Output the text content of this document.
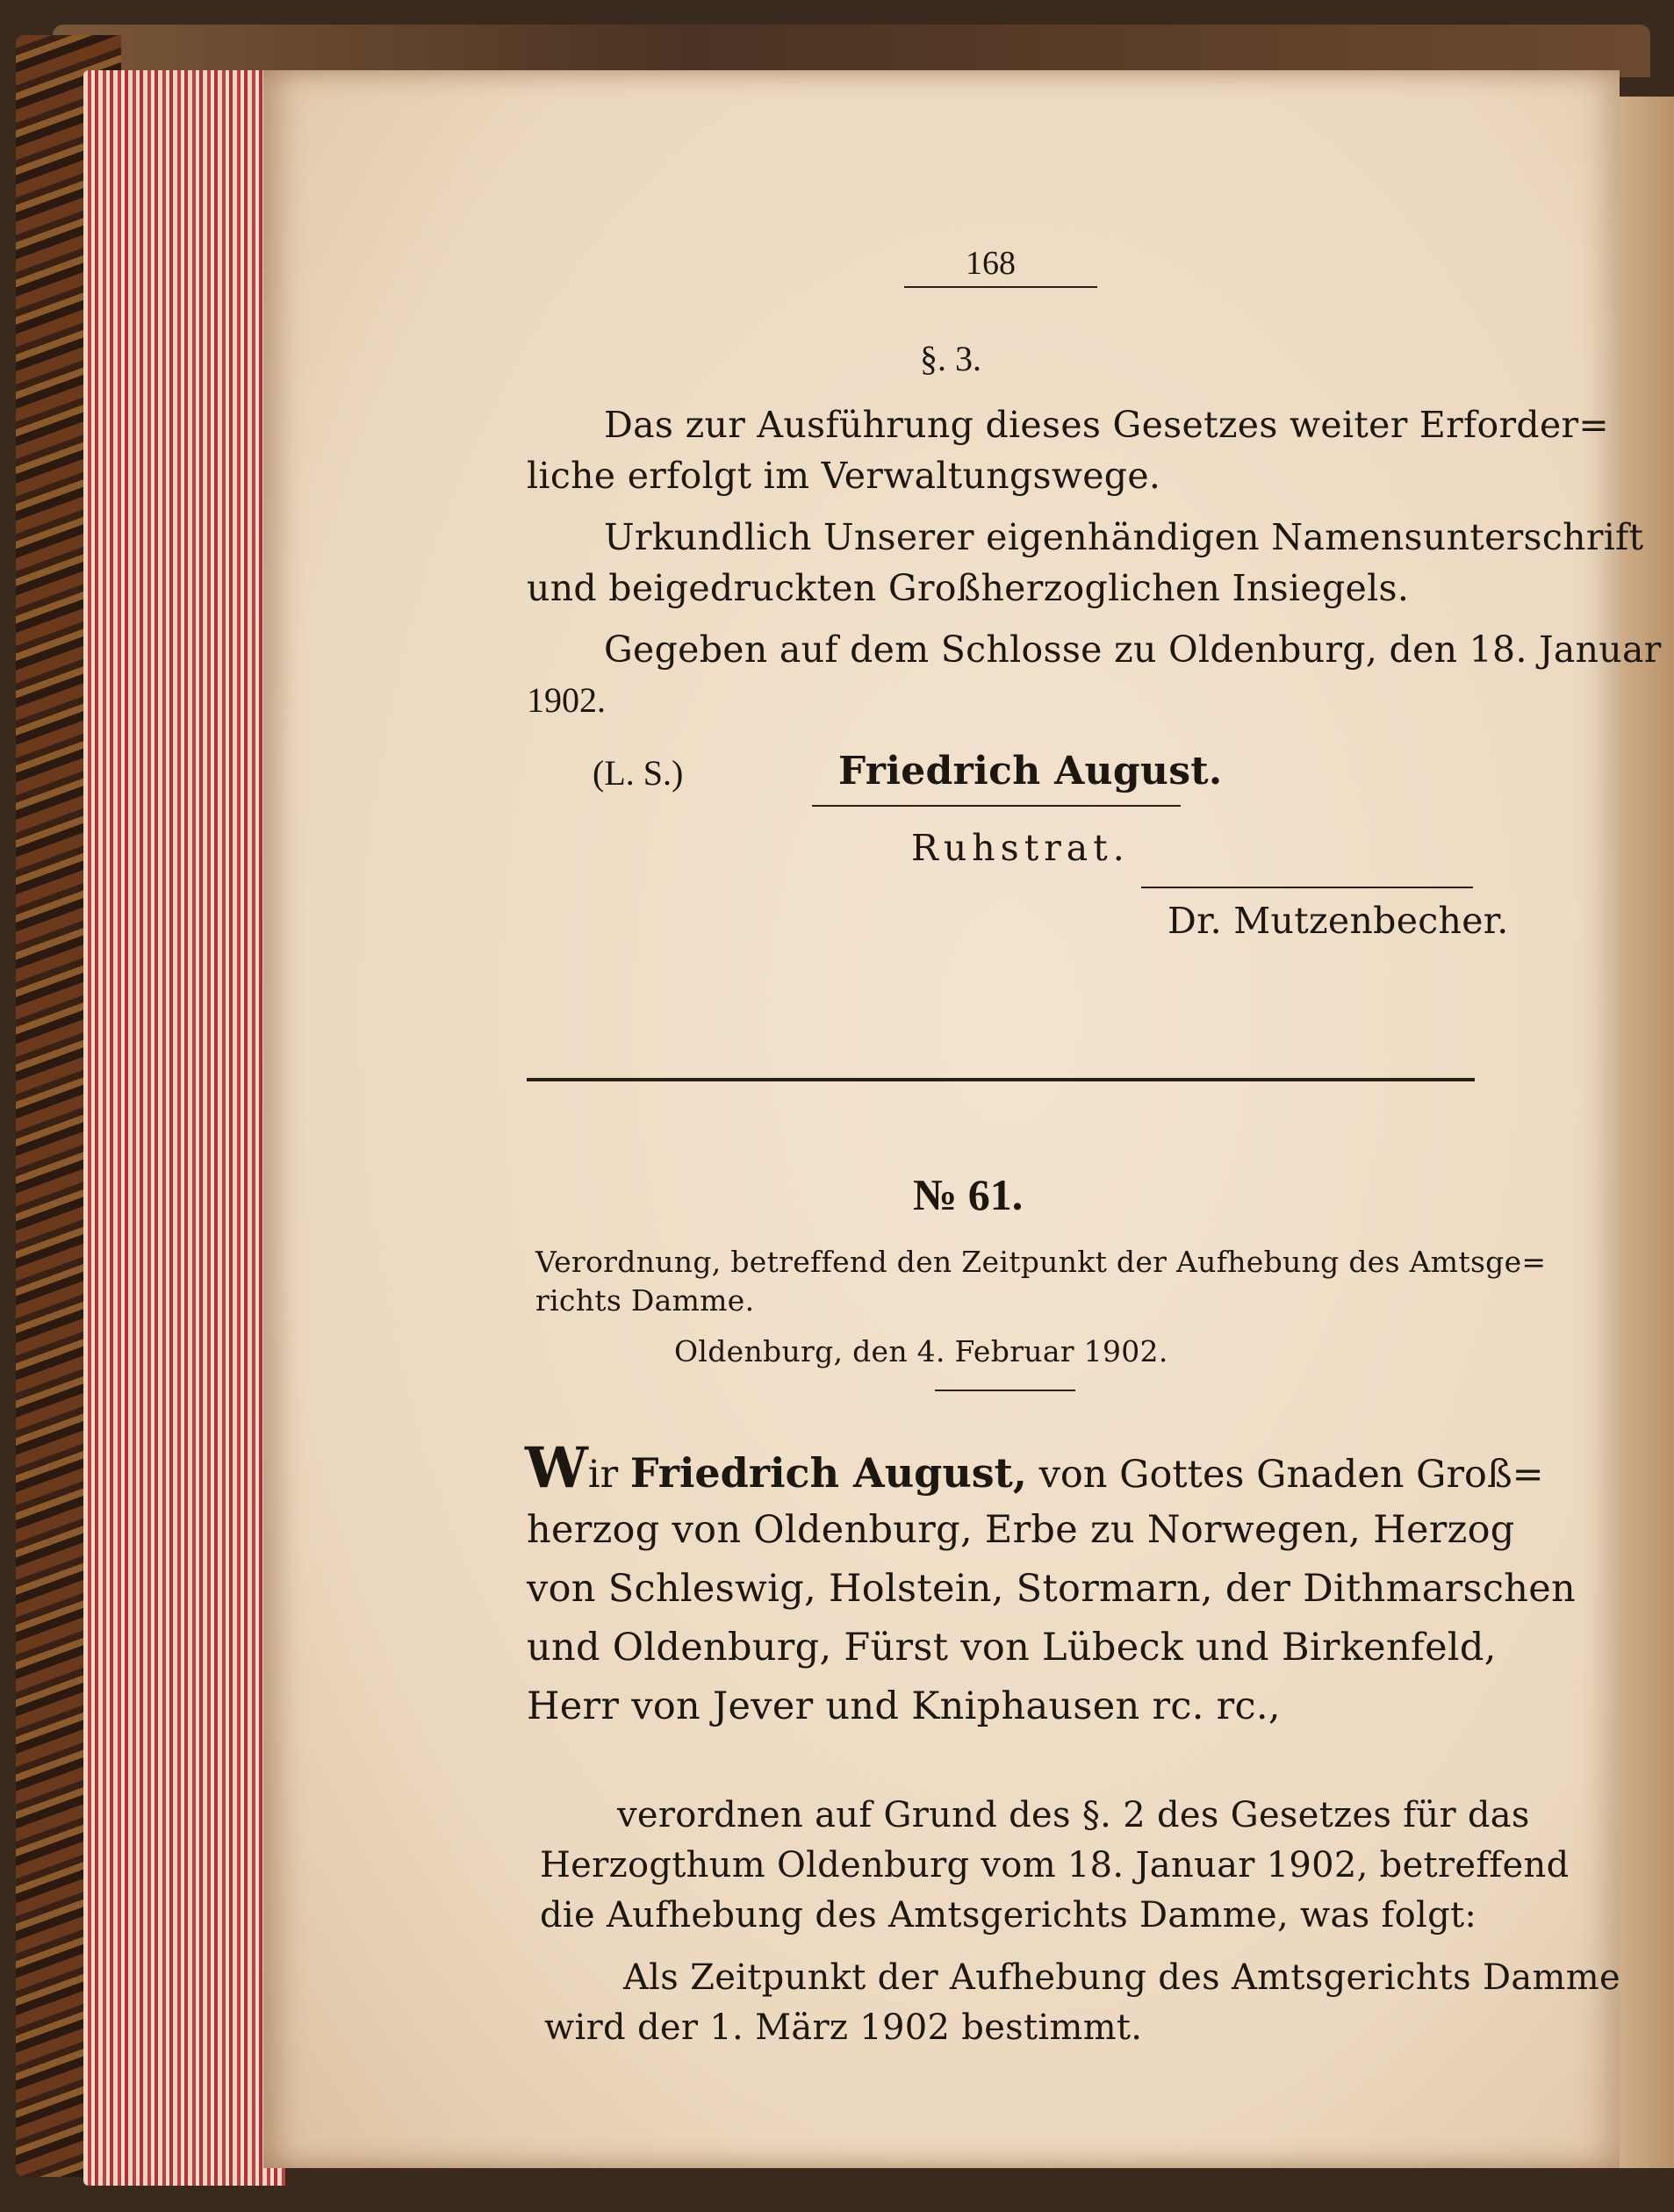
168
§. 3.
Das zur Ausführung dieses Gesetzes weiter Erforder=
liche erfolgt im Verwaltungswege.
Urkundlich Unserer eigenhändigen Namensunterschrift
und beigedruckten Großherzoglichen Insiegels.
Gegeben auf dem Schlosse zu Oldenburg, den 18. Januar
1902.
(L. S.)	Friedrich August.
Ruhstrat.
Dr. Mutzenbecher.
№ 61.
Verordnung, betreffend den Zeitpunkt der Aufhebung des Amtsge=
richts Damme.
Oldenburg, den 4. Februar 1902.
Wir Friedrich August, von Gottes Gnaden Groß=
herzog von Oldenburg, Erbe zu Norwegen, Herzog
von Schleswig, Holstein, Stormarn, der Dithmarschen
und Oldenburg, Fürst von Lübeck und Birkenfeld,
Herr von Jever und Kniphausen rc. rc.,
verordnen auf Grund des §. 2 des Gesetzes für das
Herzogthum Oldenburg vom 18. Januar 1902, betreffend
die Aufhebung des Amtsgerichts Damme, was folgt:
Als Zeitpunkt der Aufhebung des Amtsgerichts Damme
wird der 1. März 1902 bestimmt.
